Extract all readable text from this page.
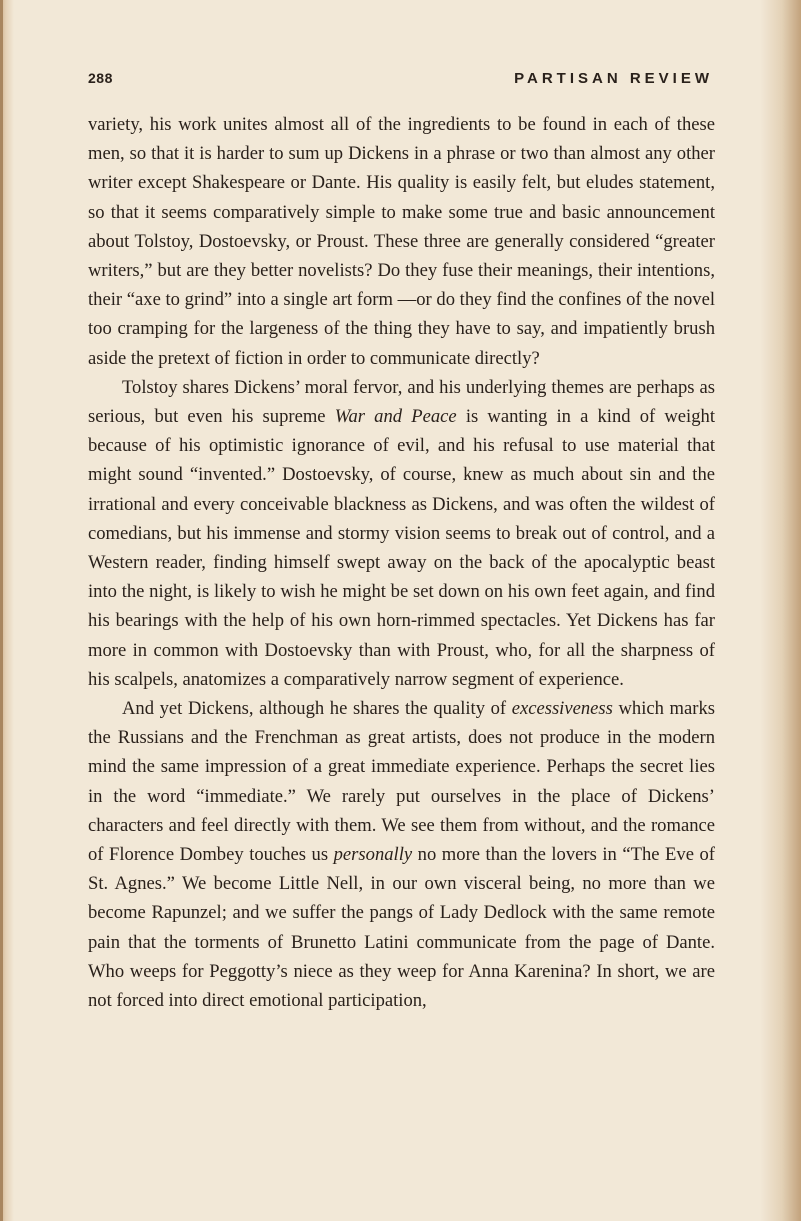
288	PARTISAN REVIEW

variety, his work unites almost all of the ingredients to be found in each of these men, so that it is harder to sum up Dickens in a phrase or two than almost any other writer except Shakespeare or Dante. His quality is easily felt, but eludes statement, so that it seems comparatively simple to make some true and basic announcement about Tolstoy, Dostoevsky, or Proust. These three are generally considered “greater writers,” but are they better novelists? Do they fuse their meanings, their intentions, their “axe to grind” into a single art form —or do they find the confines of the novel too cramping for the largeness of the thing they have to say, and impatiently brush aside the pretext of fiction in order to communicate directly?

Tolstoy shares Dickens’ moral fervor, and his underlying themes are perhaps as serious, but even his supreme War and Peace is wanting in a kind of weight because of his optimistic ignorance of evil, and his refusal to use material that might sound “invented.” Dostoevsky, of course, knew as much about sin and the irrational and every conceivable blackness as Dickens, and was often the wildest of comedians, but his immense and stormy vision seems to break out of control, and a Western reader, finding himself swept away on the back of the apocalyptic beast into the night, is likely to wish he might be set down on his own feet again, and find his bearings with the help of his own horn-rimmed spectacles. Yet Dickens has far more in common with Dostoevsky than with Proust, who, for all the sharpness of his scalpels, anatomizes a comparatively narrow segment of experience.

And yet Dickens, although he shares the quality of excessiveness which marks the Russians and the Frenchman as great artists, does not produce in the modern mind the same impression of a great immediate experience. Perhaps the secret lies in the word “immediate.” We rarely put ourselves in the place of Dickens’ characters and feel directly with them. We see them from without, and the romance of Florence Dombey touches us personally no more than the lovers in “The Eve of St. Agnes.” We become Little Nell, in our own visceral being, no more than we become Rapunzel; and we suffer the pangs of Lady Dedlock with the same remote pain that the torments of Brunetto Latini communicate from the page of Dante. Who weeps for Peggotty’s niece as they weep for Anna Karenina? In short, we are not forced into direct emotional participation,
